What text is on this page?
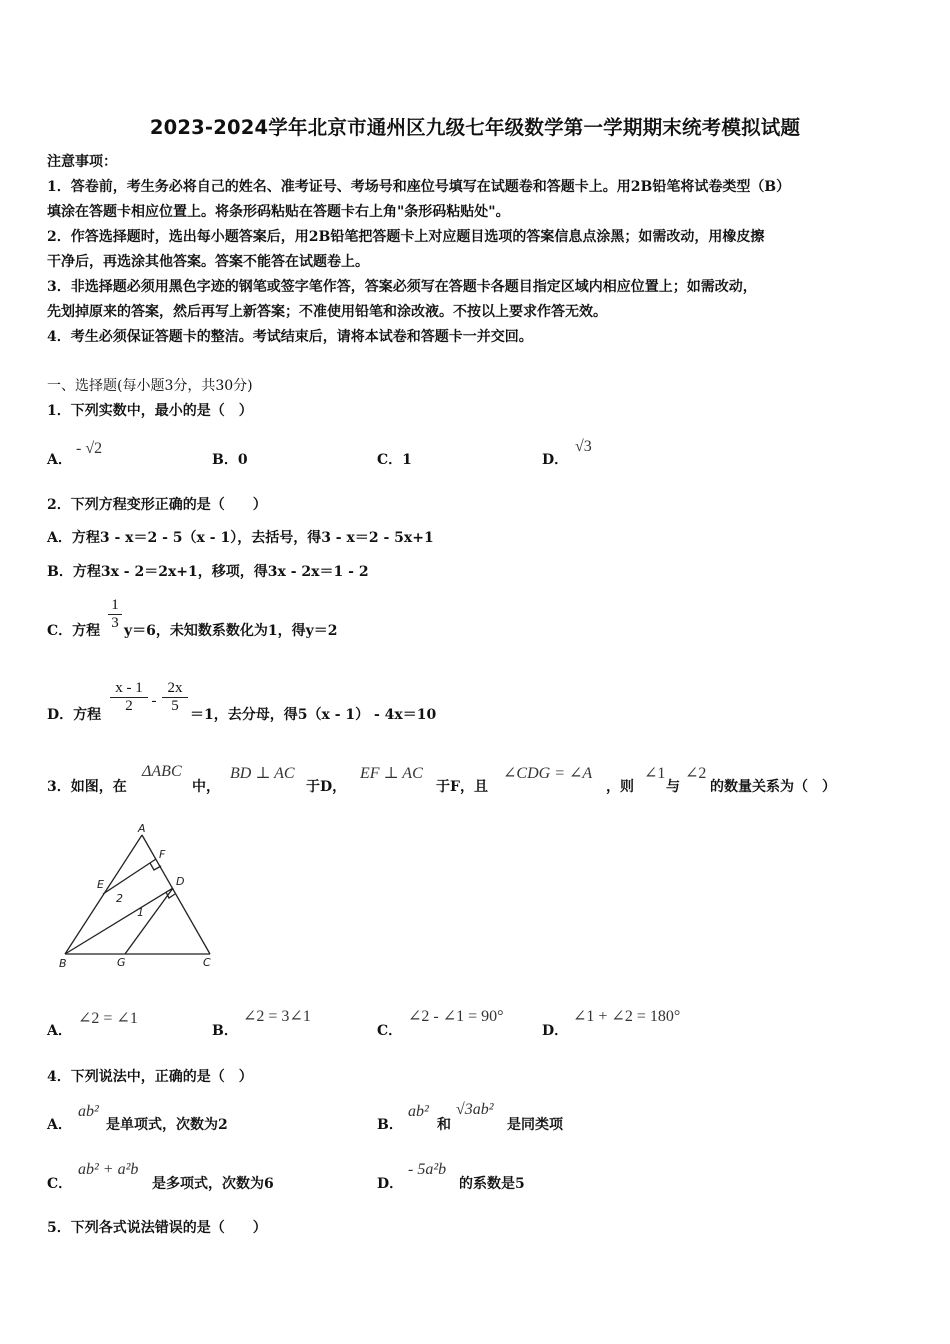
2023-2024学年北京市通州区九级七年级数学第一学期期末统考模拟试题
注意事项：
1．答卷前，考生务必将自己的姓名、准考证号、考场号和座位号填写在试题卷和答题卡上。用2B铅笔将试卷类型（B）
填涂在答题卡相应位置上。将条形码粘贴在答题卡右上角"条形码粘贴处"。
2．作答选择题时，选出每小题答案后，用2B铅笔把答题卡上对应题目选项的答案信息点涂黑；如需改动，用橡皮擦
干净后，再选涂其他答案。答案不能答在试题卷上。
3．非选择题必须用黑色字迹的钢笔或签字笔作答，答案必须写在答题卡各题目指定区域内相应位置上；如需改动，
先划掉原来的答案，然后再写上新答案；不准使用铅笔和涂改液。不按以上要求作答无效。
4．考生必须保证答题卡的整洁。考试结束后，请将本试卷和答题卡一并交回。
一、选择题(每小题3分，共30分)
1．下列实数中，最小的是（　）
A．
- √2
B．0	C．1	D．
√3
2．下列方程变形正确的是（　　）
A．方程3 - x＝2 - 5（x - 1），去括号，得3 - x＝2 - 5x+1
B．方程3x - 2＝2x+1，移项，得3x - 2x＝1 - 2
C．方程 $\frac{1}{3} y=6$，未知数系数化为1，得y＝2
D．方程 $\frac{x - 1}{2} - \frac{2x}{5} =1$，去分母，得5（x - 1） - 4x＝10
3．如图，在
ΔABC
中，
BD ⊥ AC
于D，
EF ⊥ AC
于F，且
∠CDG = ∠A
，则
∠1
与
∠2
的数量关系为（　）
A
F
E	D
2
1
B	G	C
A．
∠2 = ∠1
B．
∠2 = 3∠1
C．
∠2 - ∠1 = 90°
D．
∠1 + ∠2 = 180°
4．下列说法中，正确的是（　）
A．
ab²
是单项式，次数为2	B．
ab²
和
√3ab²
是同类项
C．
ab² + a²b
是多项式，次数为6	D．
- 5a²b
的系数是5
5．下列各式说法错误的是（　　）
